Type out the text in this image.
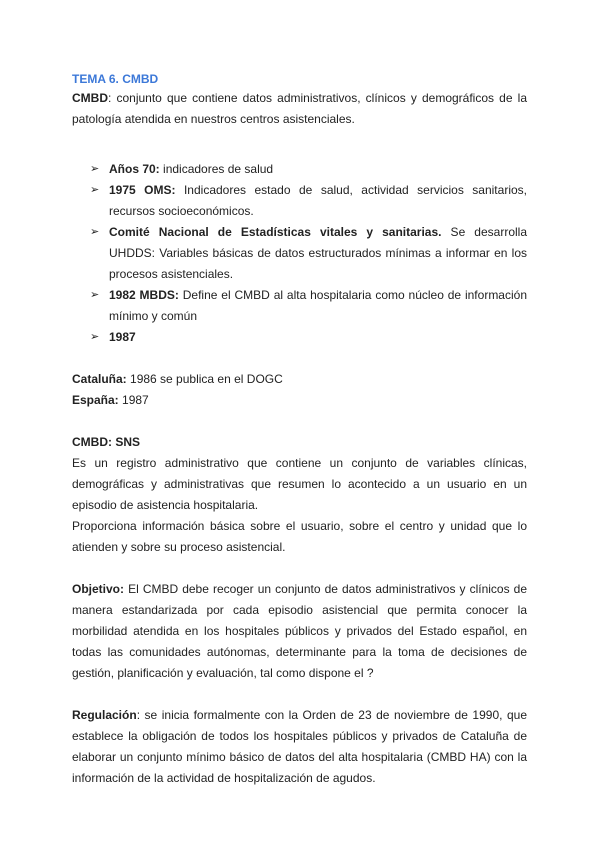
TEMA 6. CMBD

CMBD: conjunto que contiene datos administrativos, clínicos y demográficos de la patología atendida en nuestros centros asistenciales.

➢ Años 70: indicadores de salud
➢ 1975 OMS: Indicadores estado de salud, actividad servicios sanitarios, recursos socioeconómicos.
➢ Comité Nacional de Estadísticas vitales y sanitarias. Se desarrolla UHDDS: Variables básicas de datos estructurados mínimas a informar en los procesos asistenciales.
➢ 1982 MBDS: Define el CMBD al alta hospitalaria como núcleo de información mínimo y común
➢ 1987

Cataluña: 1986 se publica en el DOGC

España: 1987

CMBD: SNS

Es un registro administrativo que contiene un conjunto de variables clínicas, demográficas y administrativas que resumen lo acontecido a un usuario en un episodio de asistencia hospitalaria.

Proporciona información básica sobre el usuario, sobre el centro y unidad que lo atienden y sobre su proceso asistencial.

Objetivo: El CMBD debe recoger un conjunto de datos administrativos y clínicos de manera estandarizada por cada episodio asistencial que permita conocer la morbilidad atendida en los hospitales públicos y privados del Estado español, en todas las comunidades autónomas, determinante para la toma de decisiones de gestión, planificación y evaluación, tal como dispone el ?

Regulación: se inicia formalmente con la Orden de 23 de noviembre de 1990, que establece la obligación de todos los hospitales públicos y privados de Cataluña de elaborar un conjunto mínimo básico de datos del alta hospitalaria (CMBD HA) con la información de la actividad de hospitalización de agudos.
